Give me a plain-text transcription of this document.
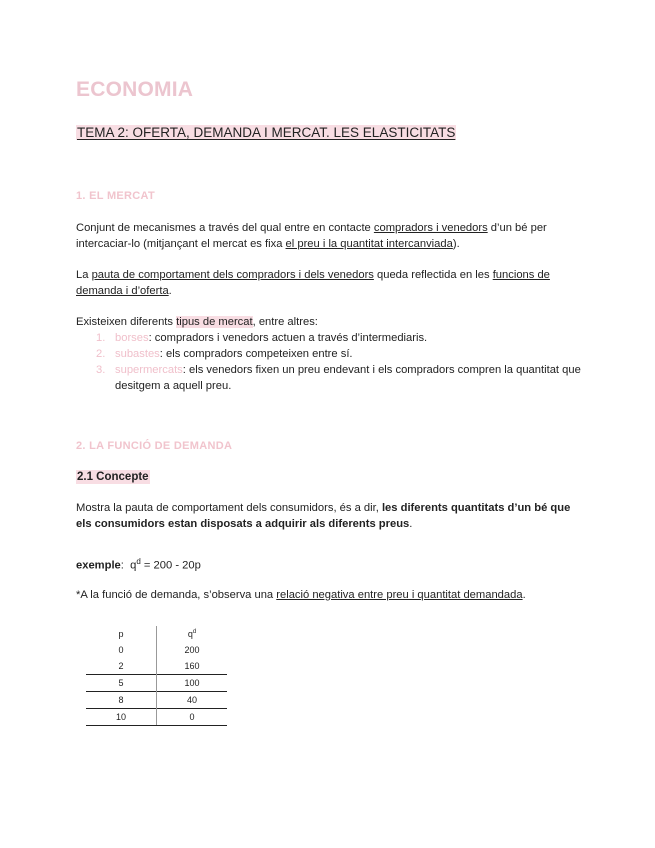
ECONOMIA
TEMA 2: OFERTA, DEMANDA I MERCAT. LES ELASTICITATS
1. EL MERCAT
Conjunt de mecanismes a través del qual entre en contacte compradors i venedors d’un bé per intercaciar-lo (mitjançant el mercat es fixa el preu i la quantitat intercanviada).
La pauta de comportament dels compradors i dels venedors queda reflectida en les funcions de demanda i d’oferta.
Existeixen diferents tipus de mercat, entre altres:
1. borses: compradors i venedors actuen a través d’intermediaris.
2. subastes: els compradors competeixen entre sí.
3. supermercats: els venedors fixen un preu endevant i els compradors compren la quantitat que desitgem a aquell preu.
2. LA FUNCIÓ DE DEMANDA
2.1 Concepte
Mostra la pauta de comportament dels consumidors, és a dir, les diferents quantitats d’un bé que els consumidors estan disposats a adquirir als diferents preus.
exemple: $q^d = 200 - 20p$
*A la funció de demanda, s’observa una relació negativa entre preu i quantitat demandada.
p	$q^d$
0	200
2	160
5	100
8	40
10	0
